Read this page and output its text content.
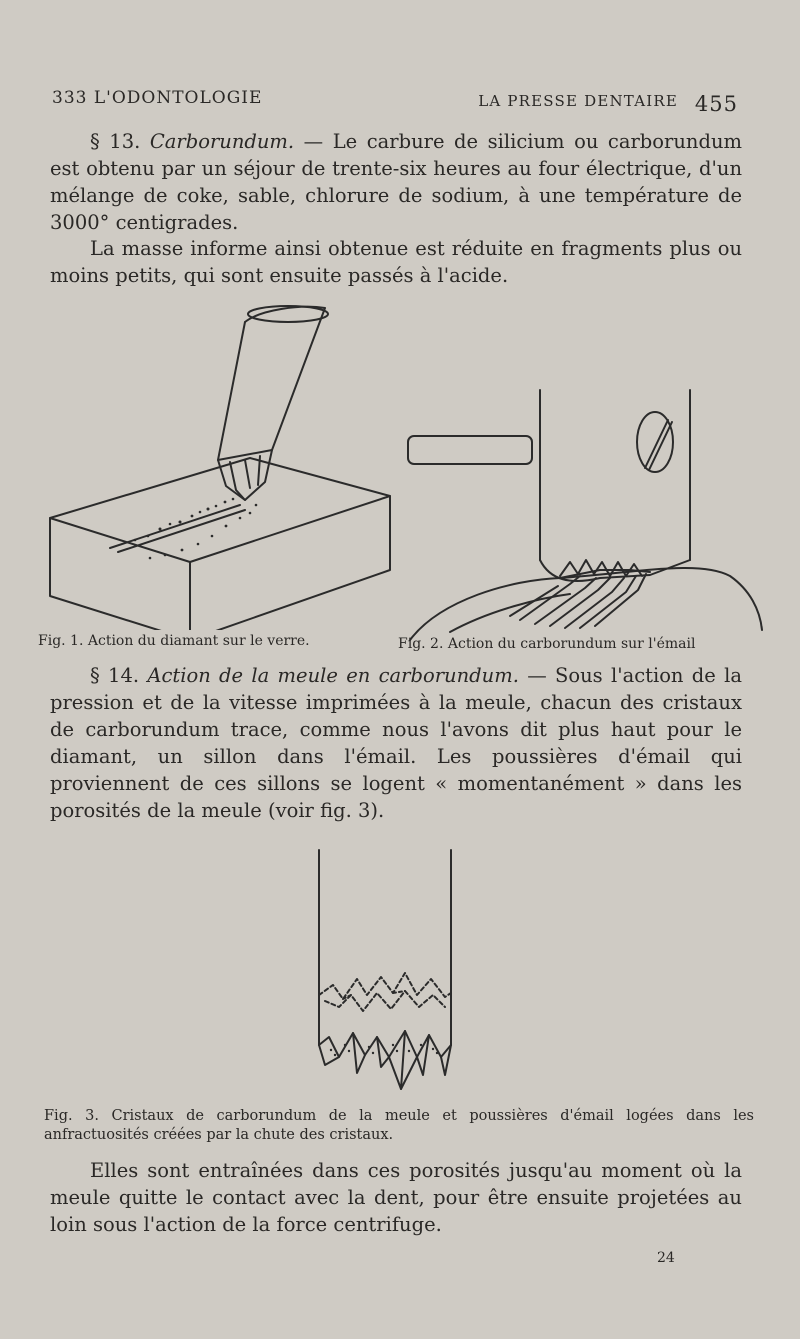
333 L'ODONTOLOGIE	LA PRESSE DENTAIRE 455

§ 13. Carborundum. — Le carbure de silicium ou carborundum est obtenu par un séjour de trente-six heures au four électrique, d'un mélange de coke, sable, chlorure de sodium, à une température de 3000° centigrades.

La masse informe ainsi obtenue est réduite en fragments plus ou moins petits, qui sont ensuite passés à l'acide.

Fig. 1. Action du diamant sur le verre.	Fig. 2. Action du carborundum sur l'émail

§ 14. Action de la meule en carborundum. — Sous l'action de la pression et de la vitesse imprimées à la meule, chacun des cristaux de carborundum trace, comme nous l'avons dit plus haut pour le diamant, un sillon dans l'émail. Les poussières d'émail qui proviennent de ces sillons se logent « momentanément » dans les porosités de la meule (voir fig. 3).

Fig. 3. Cristaux de carborundum de la meule et poussières d'émail logées dans les anfractuosités créées par la chute des cristaux.

Elles sont entraînées dans ces porosités jusqu'au moment où la meule quitte le contact avec la dent, pour être ensuite projetées au loin sous l'action de la force centrifuge.

24
